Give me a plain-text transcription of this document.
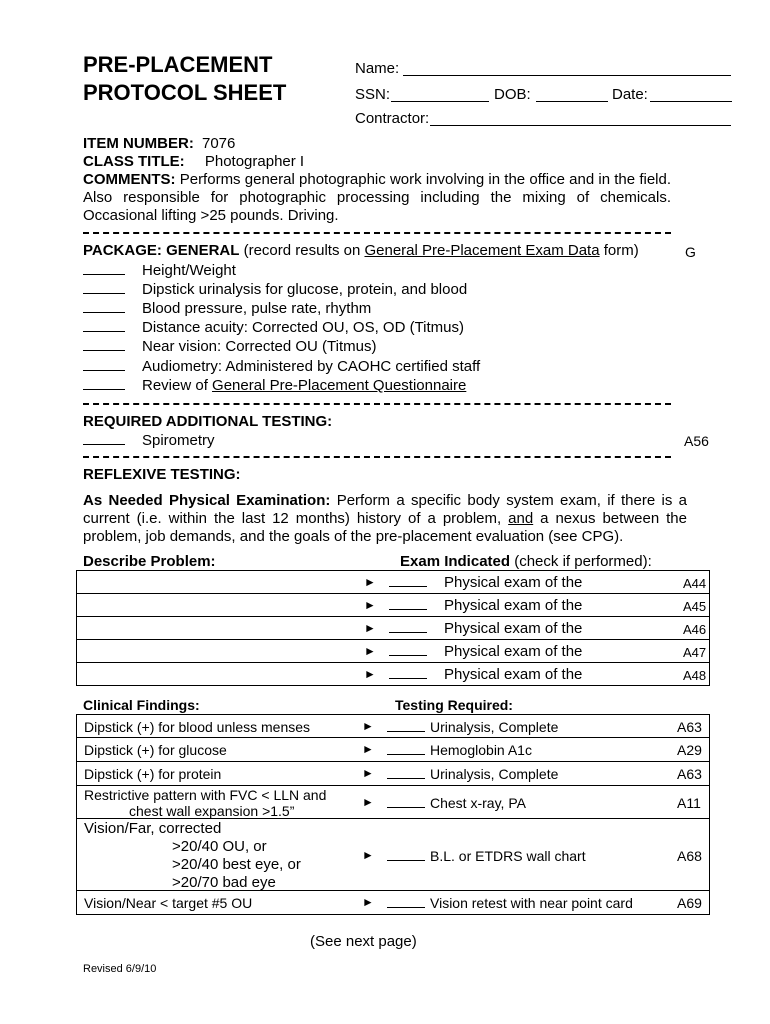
PRE-PLACEMENT
PROTOCOL SHEET
Name:
SSN:	DOB:	Date:
Contractor:
ITEM NUMBER: 7076
CLASS TITLE: Photographer I
COMMENTS: Performs general photographic work involving in the office and in the field. Also responsible for photographic processing including the mixing of chemicals. Occasional lifting >25 pounds. Driving.
PACKAGE: GENERAL (record results on General Pre-Placement Exam Data form)	G
Height/Weight
Dipstick urinalysis for glucose, protein, and blood
Blood pressure, pulse rate, rhythm
Distance acuity: Corrected OU, OS, OD (Titmus)
Near vision: Corrected OU (Titmus)
Audiometry: Administered by CAOHC certified staff
Review of General Pre-Placement Questionnaire
REQUIRED ADDITIONAL TESTING:
Spirometry	A56
REFLEXIVE TESTING:
As Needed Physical Examination: Perform a specific body system exam, if there is a current (i.e. within the last 12 months) history of a problem, and a nexus between the problem, job demands, and the goals of the pre-placement evaluation (see CPG).
Describe Problem:	Exam Indicated (check if performed):
►	Physical exam of the	A44

►	Physical exam of the	A45

►	Physical exam of the	A46

►	Physical exam of the	A47

►	Physical exam of the	A48
Clinical Findings:	Testing Required:
Dipstick (+) for blood unless menses	►	Urinalysis, Complete	A63

Dipstick (+) for glucose	►	Hemoglobin A1c	A29

Dipstick (+) for protein	►	Urinalysis, Complete	A63

Restrictive pattern with FVC < LLN and
chest wall expansion >1.5”
►	Chest x-ray, PA	A11

Vision/Far, corrected
>20/40 OU, or
>20/40 best eye, or
>20/70 bad eye
►	B.L. or ETDRS wall chart	A68

Vision/Near < target #5 OU	►	Vision retest with near point card	A69
(See next page)
Revised 6/9/10
